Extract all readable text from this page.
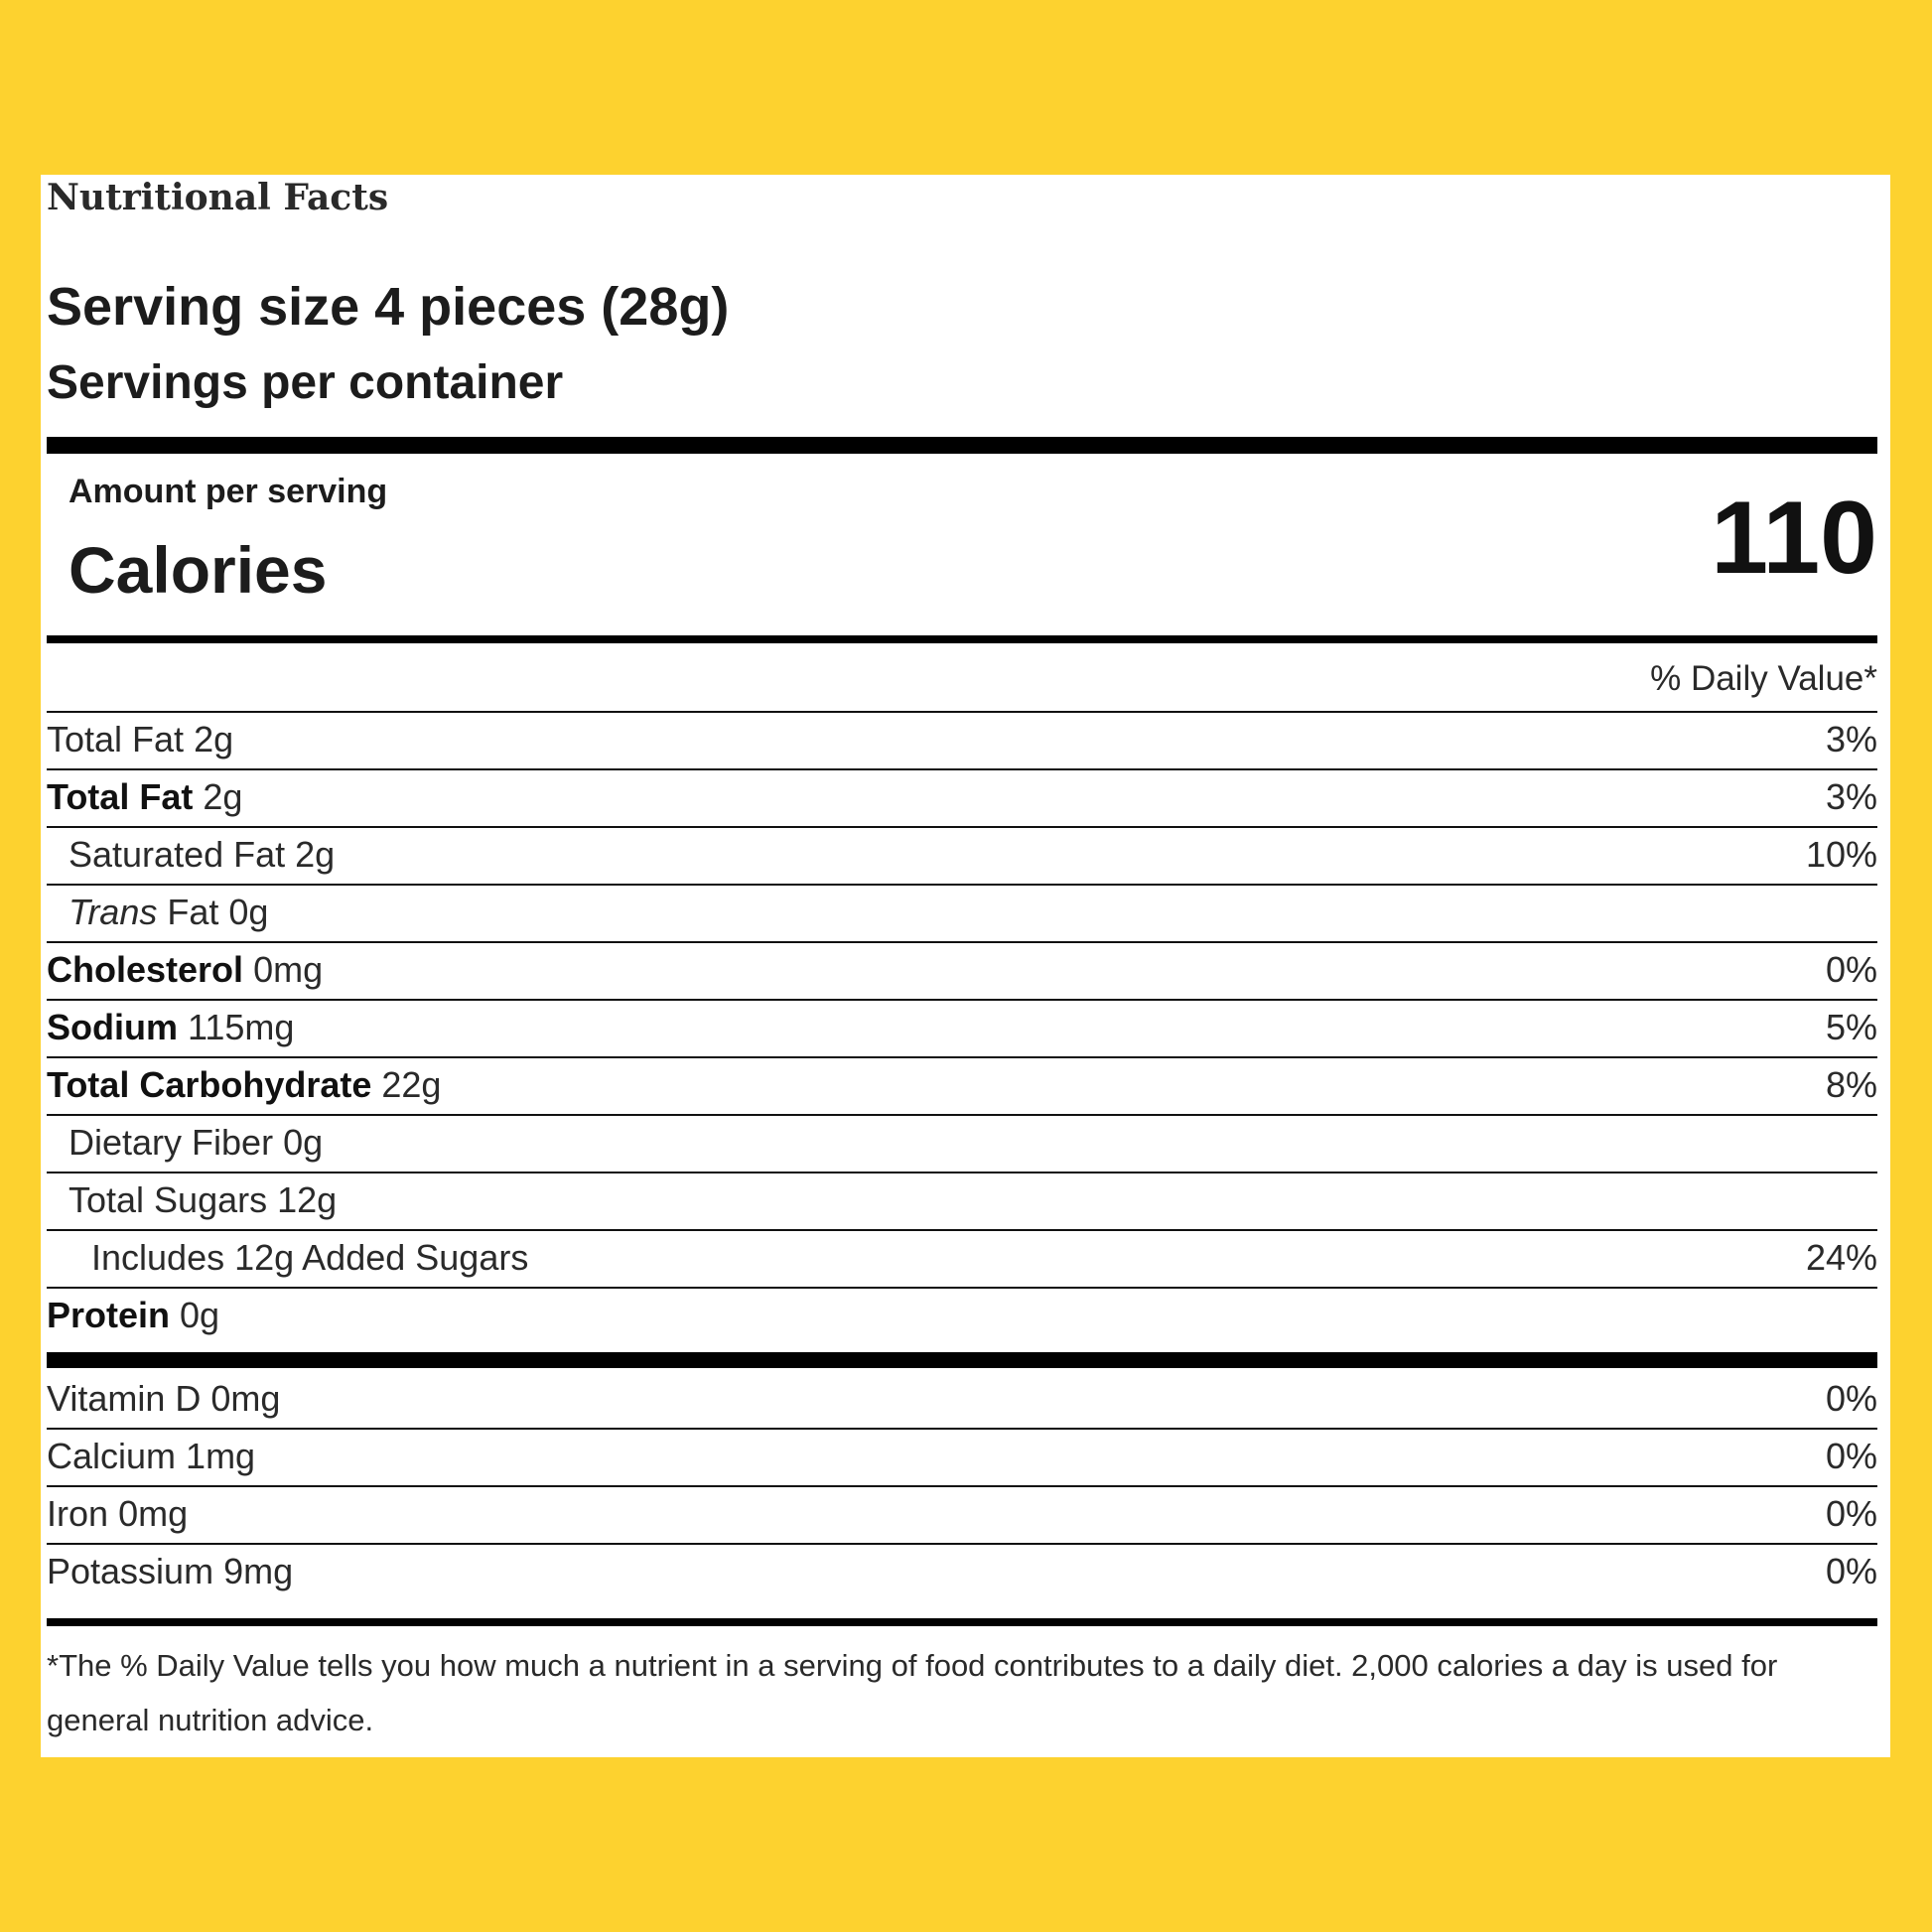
Nutritional Facts
Serving size 4 pieces (28g)
Servings per container
Amount per serving
Calories	110
% Daily Value*
Total Fat 2g	3%
Total Fat 2g	3%
Saturated Fat 2g	10%
Trans Fat 0g
Cholesterol 0mg	0%
Sodium 115mg	5%
Total Carbohydrate 22g	8%
Dietary Fiber 0g
Total Sugars 12g
Includes 12g Added Sugars	24%
Protein 0g
Vitamin D 0mg	0%
Calcium 1mg	0%
Iron 0mg	0%
Potassium 9mg	0%
*The % Daily Value tells you how much a nutrient in a serving of food contributes to a daily diet. 2,000 calories a day is used for general nutrition advice.
